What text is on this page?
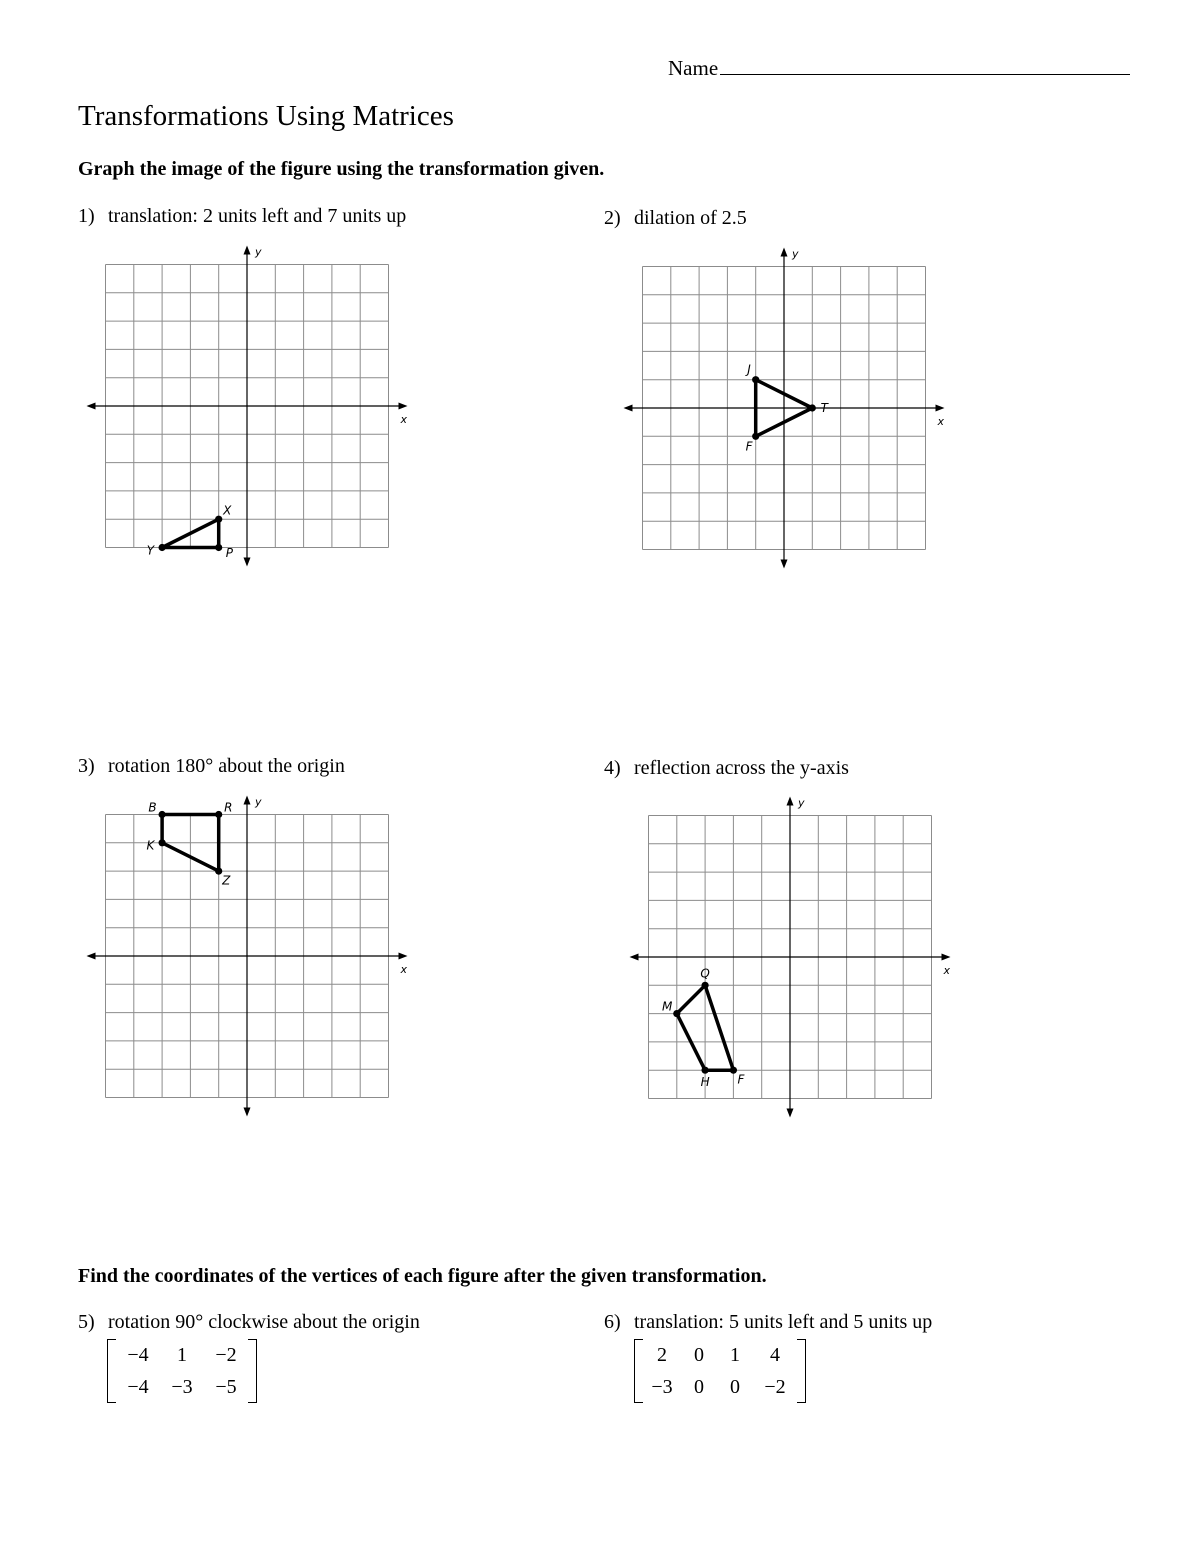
Name
Transformations Using Matrices
Graph the image of the figure using the transformation given.
1) translation: 2 units left and 7 units up
x
y
X
P
Y
2) dilation of 2.5
x
y
J
T
F
3) rotation 180° about the origin
x
y
B	R
Z
K
4) reflection across the y-axis
x
y
Q
F
H
M
Find the coordinates of the vertices of each figure after the given transformation.
5) rotation 90° clockwise about the origin
−4	1	−2
−4	−3	−5
6) translation: 5 units left and 5 units up
2	0	1	4
−3	0	0	−2
